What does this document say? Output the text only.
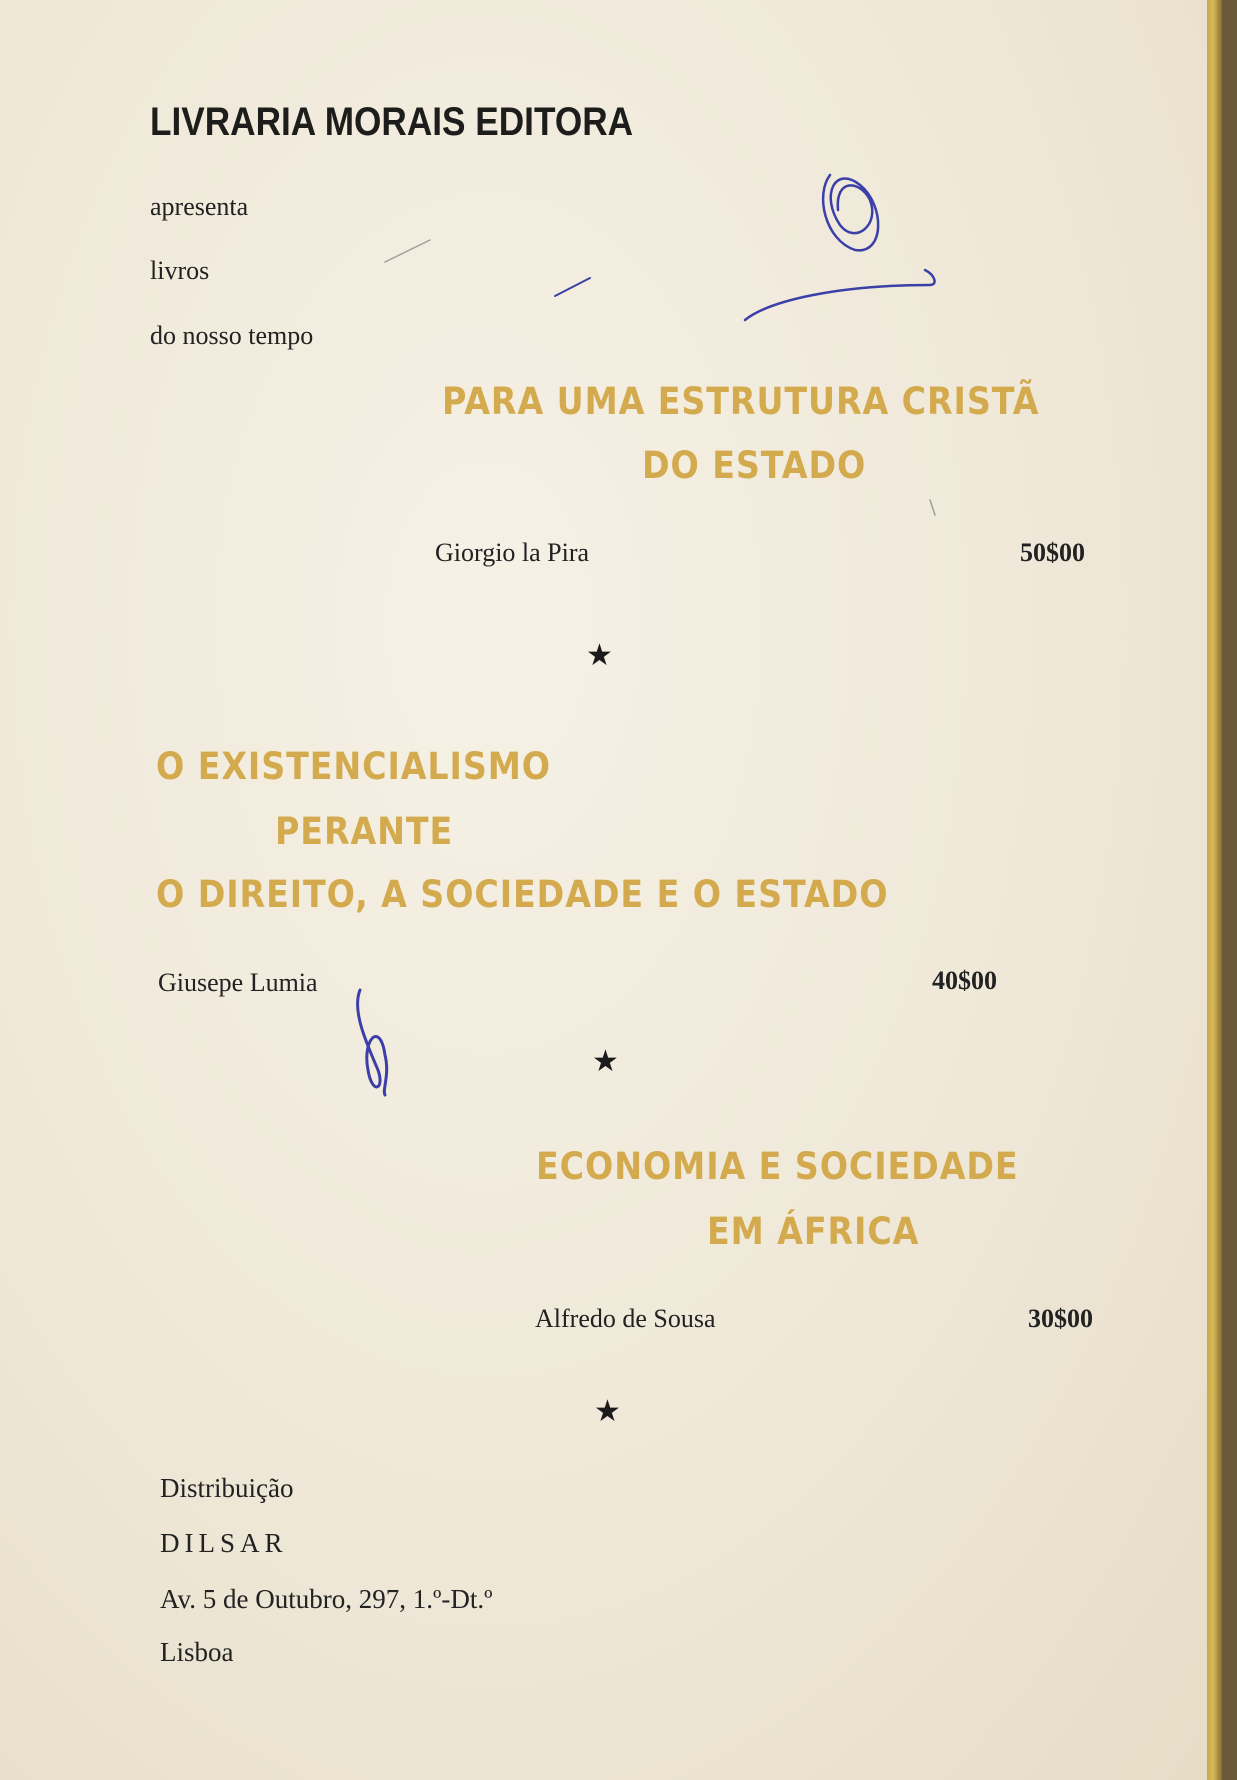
LIVRARIA MORAIS EDITORA
apresenta
livros
do nosso tempo
PARA UMA ESTRUTURA CRISTÃ
DO ESTADO
Giorgio la Pira	50$00
★
O EXISTENCIALISMO
PERANTE
O DIREITO, A SOCIEDADE E O ESTADO
Giusepe Lumia	40$00
★
ECONOMIA E SOCIEDADE
EM ÁFRICA
Alfredo de Sousa	30$00
★
Distribuição
DILSAR
Av. 5 de Outubro, 297, 1.º-Dt.º
Lisboa
